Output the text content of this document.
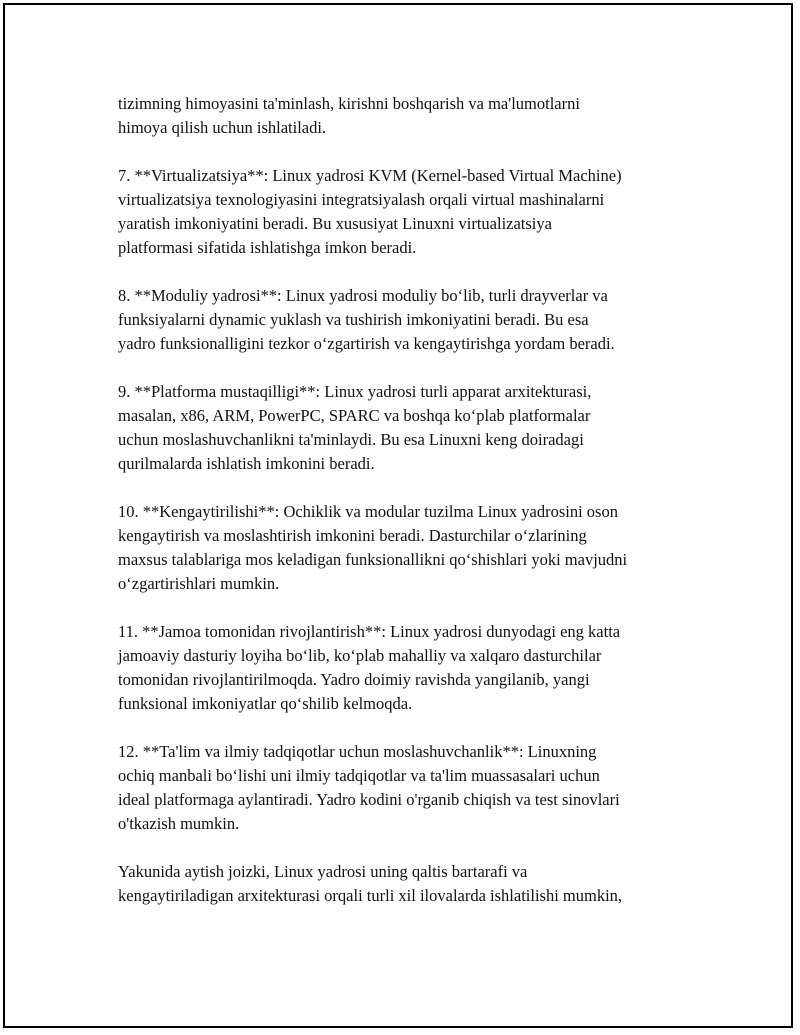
tizimning himoyasini ta'minlash, kirishni boshqarish va ma'lumotlarni
himoya qilish uchun ishlatiladi.

7. **Virtualizatsiya**: Linux yadrosi KVM (Kernel-based Virtual Machine)
virtualizatsiya texnologiyasini integratsiyalash orqali virtual mashinalarni
yaratish imkoniyatini beradi. Bu xususiyat Linuxni virtualizatsiya
platformasi sifatida ishlatishga imkon beradi.

8. **Moduliy yadrosi**: Linux yadrosi moduliy bo‘lib, turli drayverlar va
funksiyalarni dynamic yuklash va tushirish imkoniyatini beradi. Bu esa
yadro funksionalligini tezkor o‘zgartirish va kengaytirishga yordam beradi.

9. **Platforma mustaqilligi**: Linux yadrosi turli apparat arxitekturasi,
masalan, x86, ARM, PowerPC, SPARC va boshqa ko‘plab platformalar
uchun moslashuvchanlikni ta'minlaydi. Bu esa Linuxni keng doiradagi
qurilmalarda ishlatish imkonini beradi.

10. **Kengaytirilishi**: Ochiklik va modular tuzilma Linux yadrosini oson
kengaytirish va moslashtirish imkonini beradi. Dasturchilar o‘zlarining
maxsus talablariga mos keladigan funksionallikni qo‘shishlari yoki mavjudni
o‘zgartirishlari mumkin.

11. **Jamoa tomonidan rivojlantirish**: Linux yadrosi dunyodagi eng katta
jamoaviy dasturiy loyiha bo‘lib, ko‘plab mahalliy va xalqaro dasturchilar
tomonidan rivojlantirilmoqda. Yadro doimiy ravishda yangilanib, yangi
funksional imkoniyatlar qo‘shilib kelmoqda.

12. **Ta'lim va ilmiy tadqiqotlar uchun moslashuvchanlik**: Linuxning
ochiq manbali bo‘lishi uni ilmiy tadqiqotlar va ta'lim muassasalari uchun
ideal platformaga aylantiradi. Yadro kodini o'rganib chiqish va test sinovlari
o'tkazish mumkin.

Yakunida aytish joizki, Linux yadrosi uning qaltis bartarafi va
kengaytiriladigan arxitekturasi orqali turli xil ilovalarda ishlatilishi mumkin,
